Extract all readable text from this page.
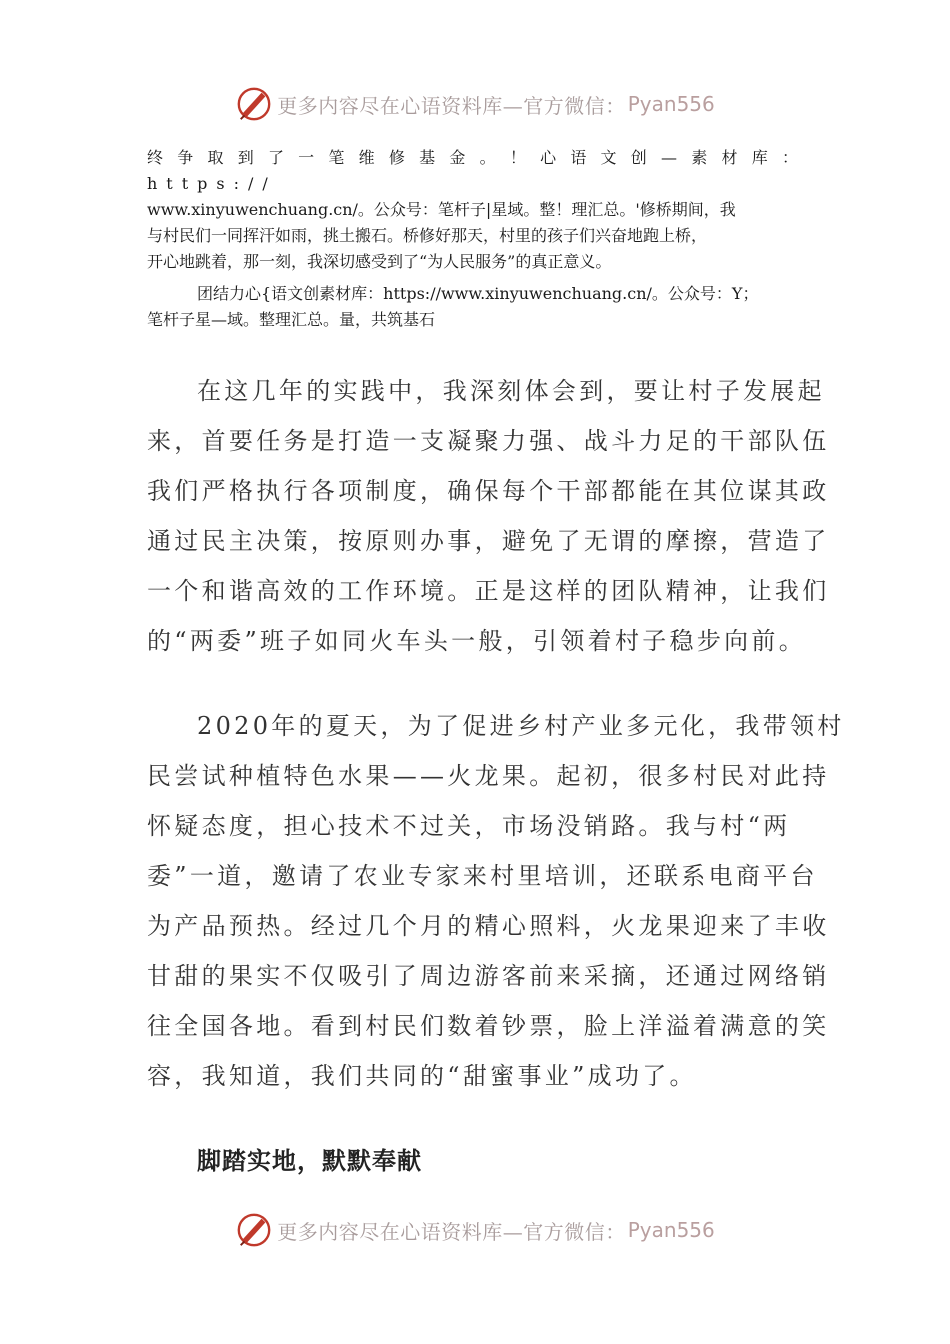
更多内容尽在心语资料库—官方微信： Pyan556

终争取到了一笔维修基金。！心语文创—素材库：https://

www.xinyuwenchuang.cn/。公众号：笔杆子|星域。整！理汇总。'修桥期间，我

与村民们一同挥汗如雨，挑土搬石。桥修好那天，村里的孩子们兴奋地跑上桥，

开心地跳着，那一刻，我深切感受到了“为人民服务”的真正意义。

团结力心{语文创素材库：https://www.xinyuwenchuang.cn/。公众号：Y；

笔杆子星—域。整理汇总。量，共筑基石

在这几年的实践中，我深刻体会到，要让村子发展起
来，首要任务是打造一支凝聚力强、战斗力足的干部队伍
我们严格执行各项制度，确保每个干部都能在其位谋其政
通过民主决策，按原则办事，避免了无谓的摩擦，营造了
一个和谐高效的工作环境。正是这样的团队精神，让我们
的“两委”班子如同火车头一般，引领着村子稳步向前。

2020年的夏天，为了促进乡村产业多元化，我带领村
民尝试种植特色水果——火龙果。起初，很多村民对此持
怀疑态度，担心技术不过关，市场没销路。我与村“两
委”一道，邀请了农业专家来村里培训，还联系电商平台
为产品预热。经过几个月的精心照料，火龙果迎来了丰收
甘甜的果实不仅吸引了周边游客前来采摘，还通过网络销
往全国各地。看到村民们数着钞票，脸上洋溢着满意的笑
容，我知道，我们共同的“甜蜜事业”成功了。

脚踏实地，默默奉献
更多内容尽在心语资料库—官方微信： Pyan556
